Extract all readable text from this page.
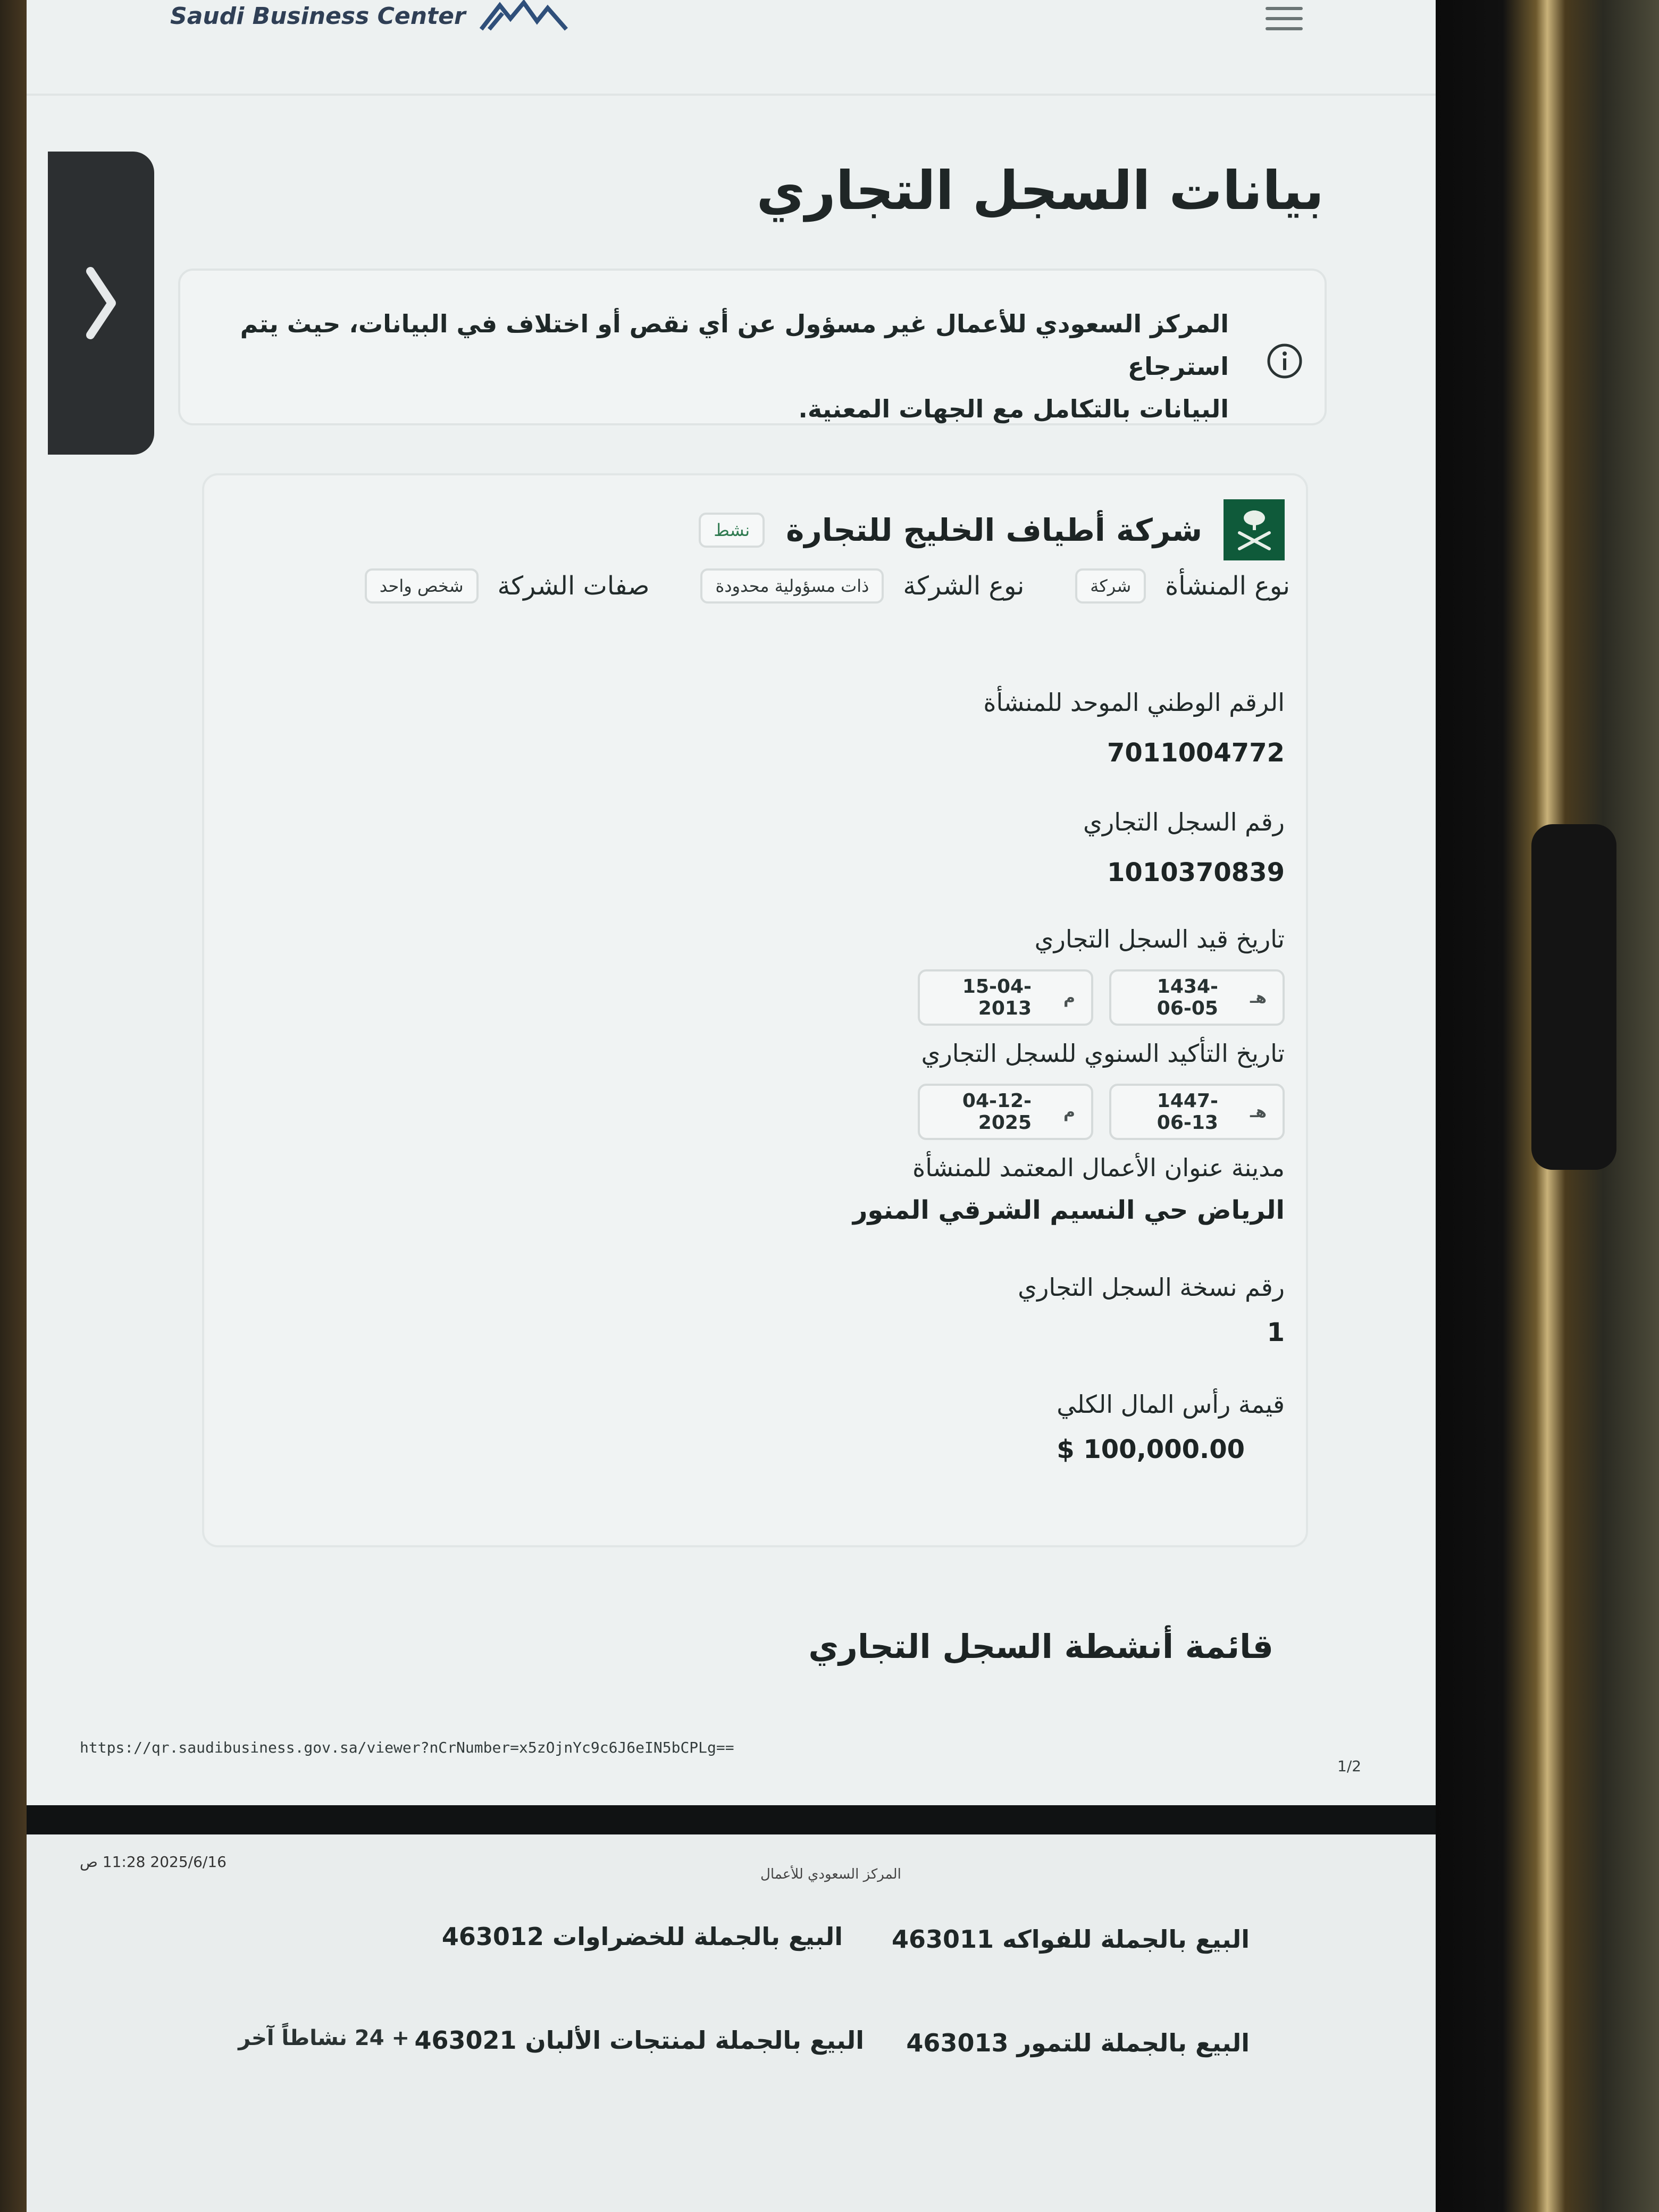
Saudi Business Center
بيانات السجل التجاري
المركز السعودي للأعمال غير مسؤول عن أي نقص أو اختلاف في البيانات، حيث يتم استرجاع
البيانات بالتكامل مع الجهات المعنية.
شركة أطياف الخليج للتجارة
نشط
نوع المنشأة
شركة
نوع الشركة
ذات مسؤولية محدودة
صفات الشركة
شخص واحد
الرقم الوطني الموحد للمنشأة
7011004772
رقم السجل التجاري
1010370839
تاريخ قيد السجل التجاري
هـ
1434-06-05
م
15-04-2013
تاريخ التأكيد السنوي للسجل التجاري
هـ
1447-06-13
م
04-12-2025
مدينة عنوان الأعمال المعتمد للمنشأة
الرياض حي النسيم الشرقي المنور
رقم نسخة السجل التجاري
1
قيمة رأس المال الكلي
$ 100,000.00
قائمة أنشطة السجل التجاري
https://qr.saudibusiness.gov.sa/viewer?nCrNumber=x5zOjnYc9c6J6eIN5bCPLg==
1/2
2025/6/16 11:28 ص
المركز السعودي للأعمال
البيع بالجملة للفواكه 463011
البيع بالجملة للخضراوات 463012
البيع بالجملة للتمور 463013
البيع بالجملة لمنتجات الألبان 463021
+ 24 نشاطاً آخر
